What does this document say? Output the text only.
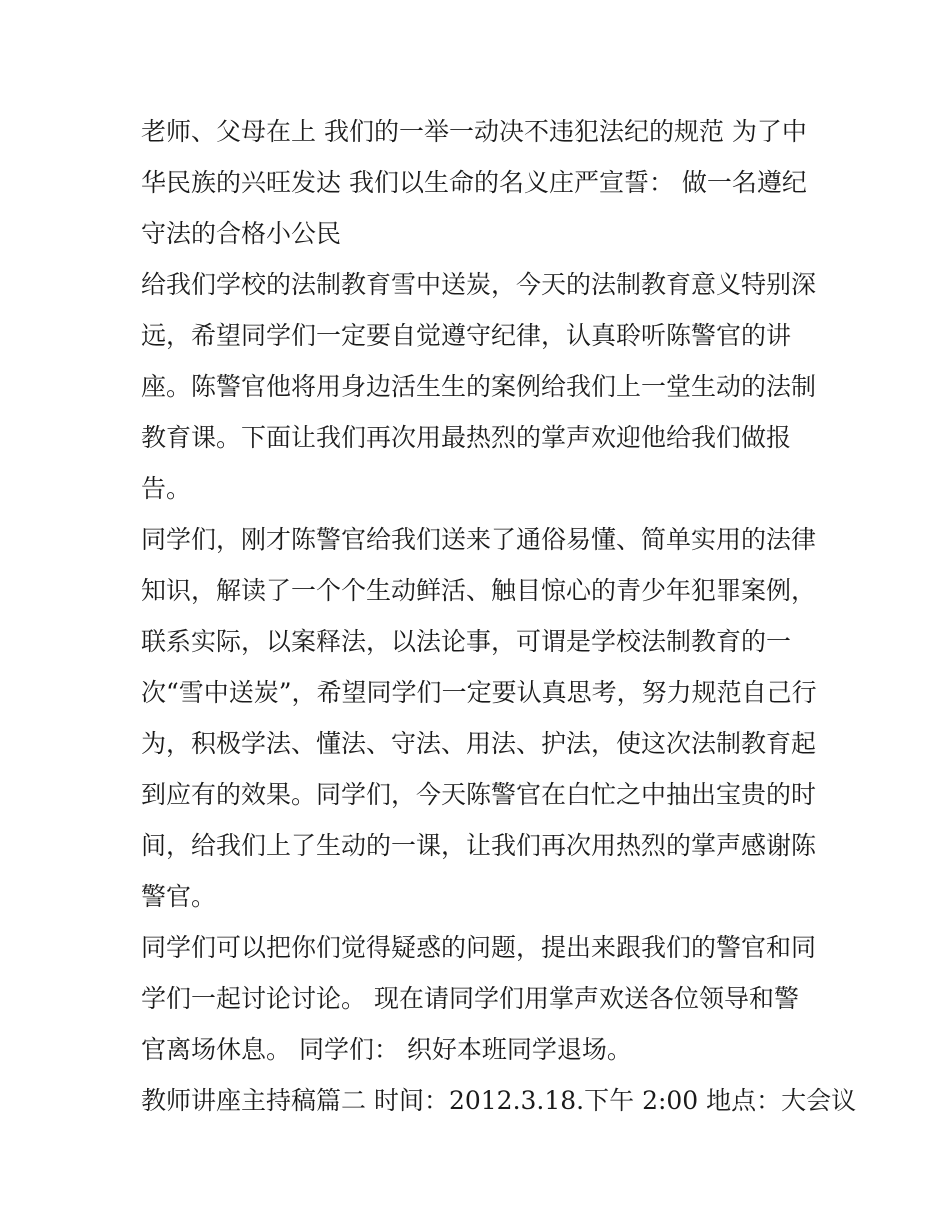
老师、父母在上 我们的一举一动决不违犯法纪的规范 为了中
华民族的兴旺发达 我们以生命的名义庄严宣誓： 做一名遵纪
守法的合格小公民
给我们学校的法制教育雪中送炭，今天的法制教育意义特别深
远，希望同学们一定要自觉遵守纪律，认真聆听陈警官的讲
座。陈警官他将用身边活生生的案例给我们上一堂生动的法制
教育课。下面让我们再次用最热烈的掌声欢迎他给我们做报
告。
同学们，刚才陈警官给我们送来了通俗易懂、简单实用的法律
知识，解读了一个个生动鲜活、触目惊心的青少年犯罪案例，
联系实际，以案释法，以法论事，可谓是学校法制教育的一
次“雪中送炭”，希望同学们一定要认真思考，努力规范自己行
为，积极学法、懂法、守法、用法、护法，使这次法制教育起
到应有的效果。同学们，今天陈警官在白忙之中抽出宝贵的时
间，给我们上了生动的一课，让我们再次用热烈的掌声感谢陈
警官。
同学们可以把你们觉得疑惑的问题，提出来跟我们的警官和同
学们一起讨论讨论。 现在请同学们用掌声欢送各位领导和警
官离场休息。 同学们： 织好本班同学退场。
教师讲座主持稿篇二 时间：2012.3.18.下午 2:00 地点：大会议
